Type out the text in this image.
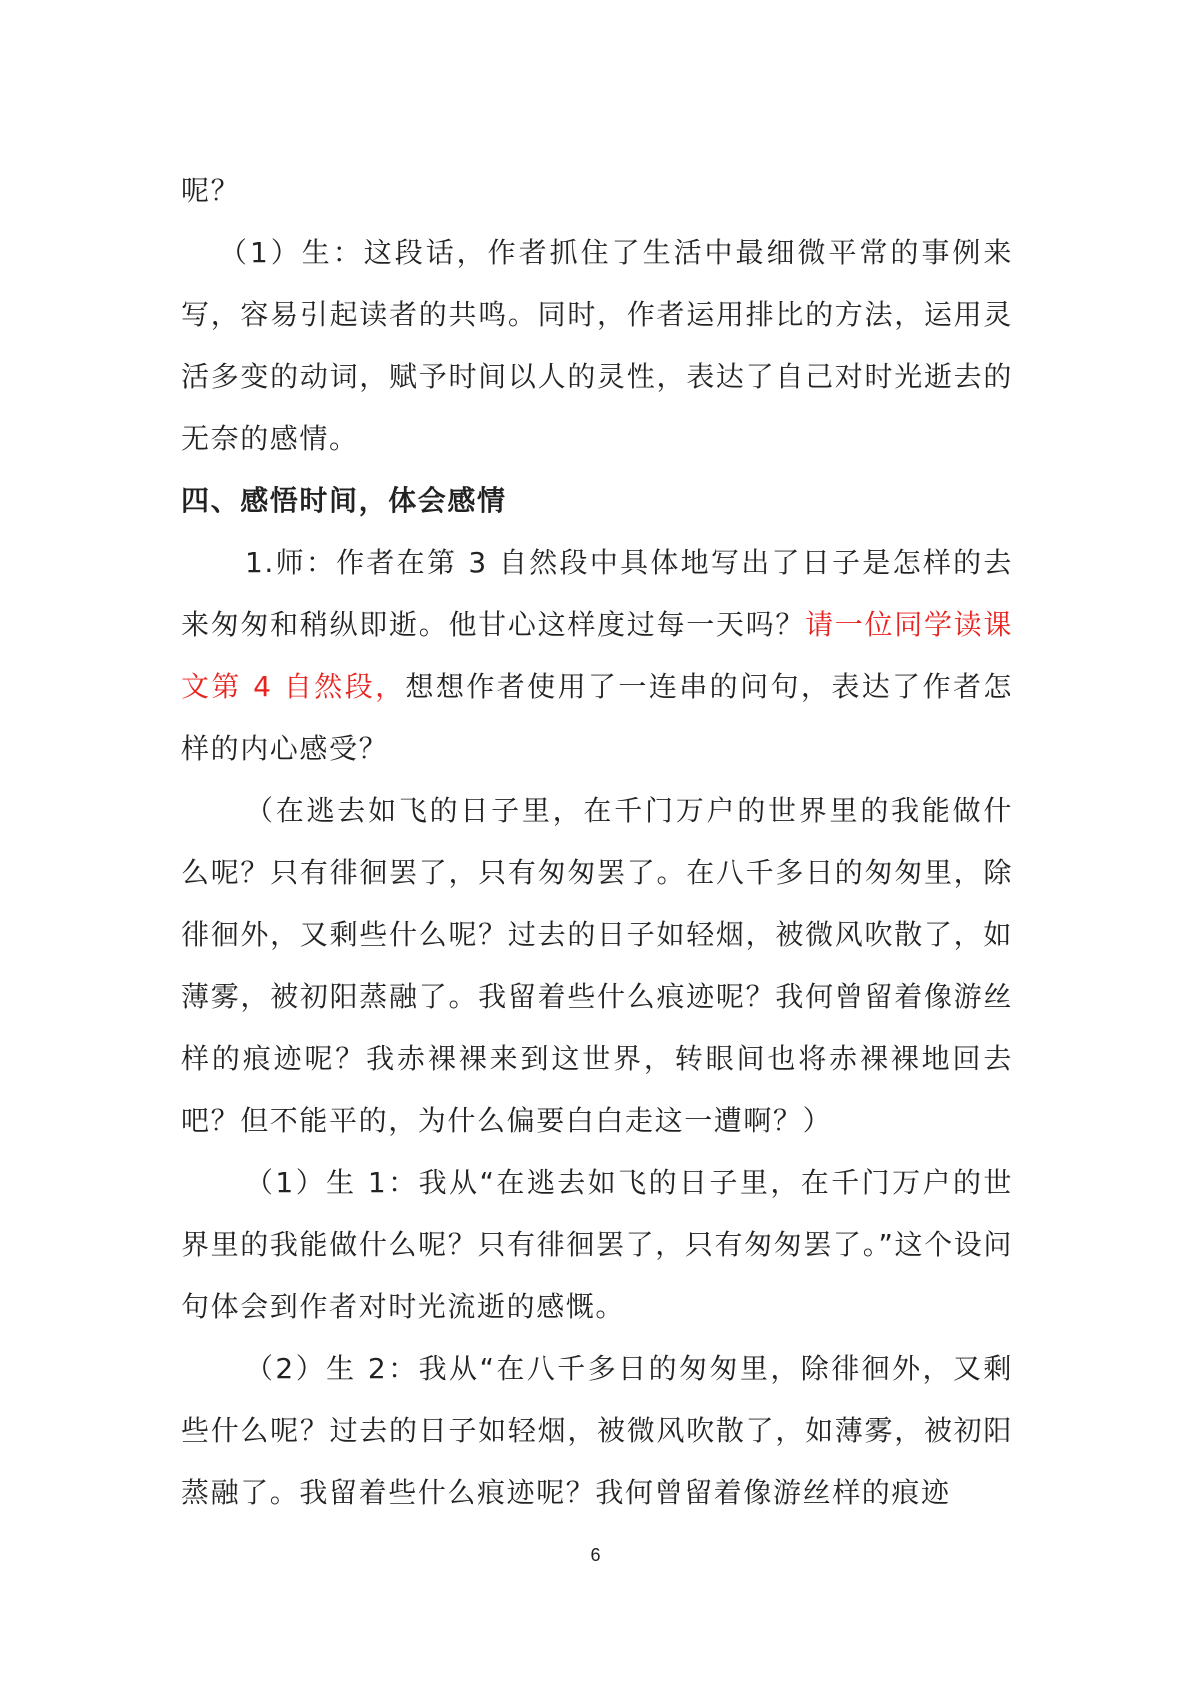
呢？

（1）生：这段话，作者抓住了生活中最细微平常的事例来写，容易引起读者的共鸣。同时，作者运用排比的方法，运用灵活多变的动词，赋予时间以人的灵性，表达了自己对时光逝去的无奈的感情。

四、感悟时间，体会感情

1.师：作者在第 3 自然段中具体地写出了日子是怎样的去来匆匆和稍纵即逝。他甘心这样度过每一天吗？请一位同学读课文第 4 自然段，想想作者使用了一连串的问句，表达了作者怎样的内心感受？

（在逃去如飞的日子里，在千门万户的世界里的我能做什么呢？只有徘徊罢了，只有匆匆罢了。在八千多日的匆匆里，除徘徊外，又剩些什么呢？过去的日子如轻烟，被微风吹散了，如薄雾，被初阳蒸融了。我留着些什么痕迹呢？我何曾留着像游丝样的痕迹呢？我赤裸裸来到这世界，转眼间也将赤裸裸地回去吧？但不能平的，为什么偏要白白走这一遭啊？）

（1）生 1：我从“在逃去如飞的日子里，在千门万户的世界里的我能做什么呢？只有徘徊罢了，只有匆匆罢了。”这个设问句体会到作者对时光流逝的感慨。

（2）生 2：我从“在八千多日的匆匆里，除徘徊外，又剩些什么呢？过去的日子如轻烟，被微风吹散了，如薄雾，被初阳蒸融了。我留着些什么痕迹呢？我何曾留着像游丝样的痕迹

6
